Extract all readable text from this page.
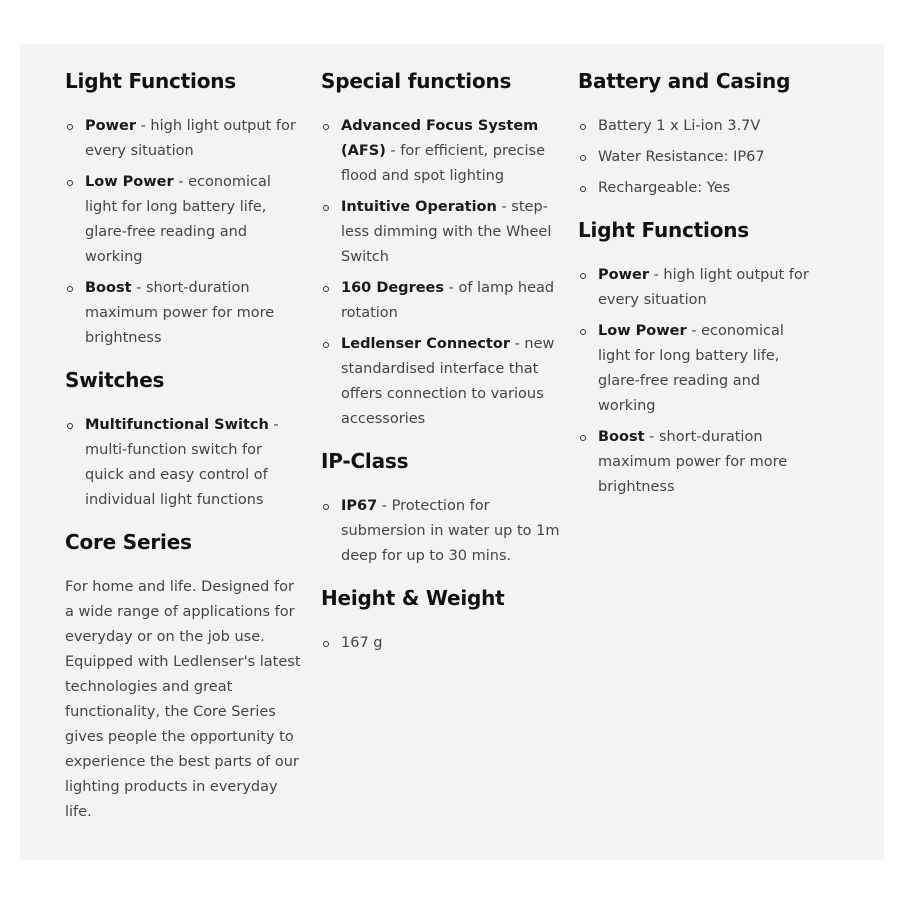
Light Functions
Power - high light output for every situation
Low Power - economical light for long battery life, glare-free reading and working
Boost - short-duration maximum power for more brightness
Switches
Multifunctional Switch - multi-function switch for quick and easy control of individual light functions
Core Series

For home and life. Designed for a wide range of applications for everyday or on the job use. Equipped with Ledlenser's latest technologies and great functionality, the Core Series gives people the opportunity to experience the best parts of our lighting products in everyday life.

Special functions
Advanced Focus System (AFS) - for efficient, precise flood and spot lighting
Intuitive Operation - step-less dimming with the Wheel Switch
160 Degrees - of lamp head rotation
Ledlenser Connector - new standardised interface that offers connection to various accessories
IP-Class
IP67 - Protection for submersion in water up to 1m deep for up to 30 mins.
Height & Weight
167 g
Battery and Casing
Battery 1 x Li-ion 3.7V
Water Resistance: IP67
Rechargeable: Yes
Light Functions
Power - high light output for every situation
Low Power - economical light for long battery life, glare-free reading and working
Boost - short-duration maximum power for more brightness
